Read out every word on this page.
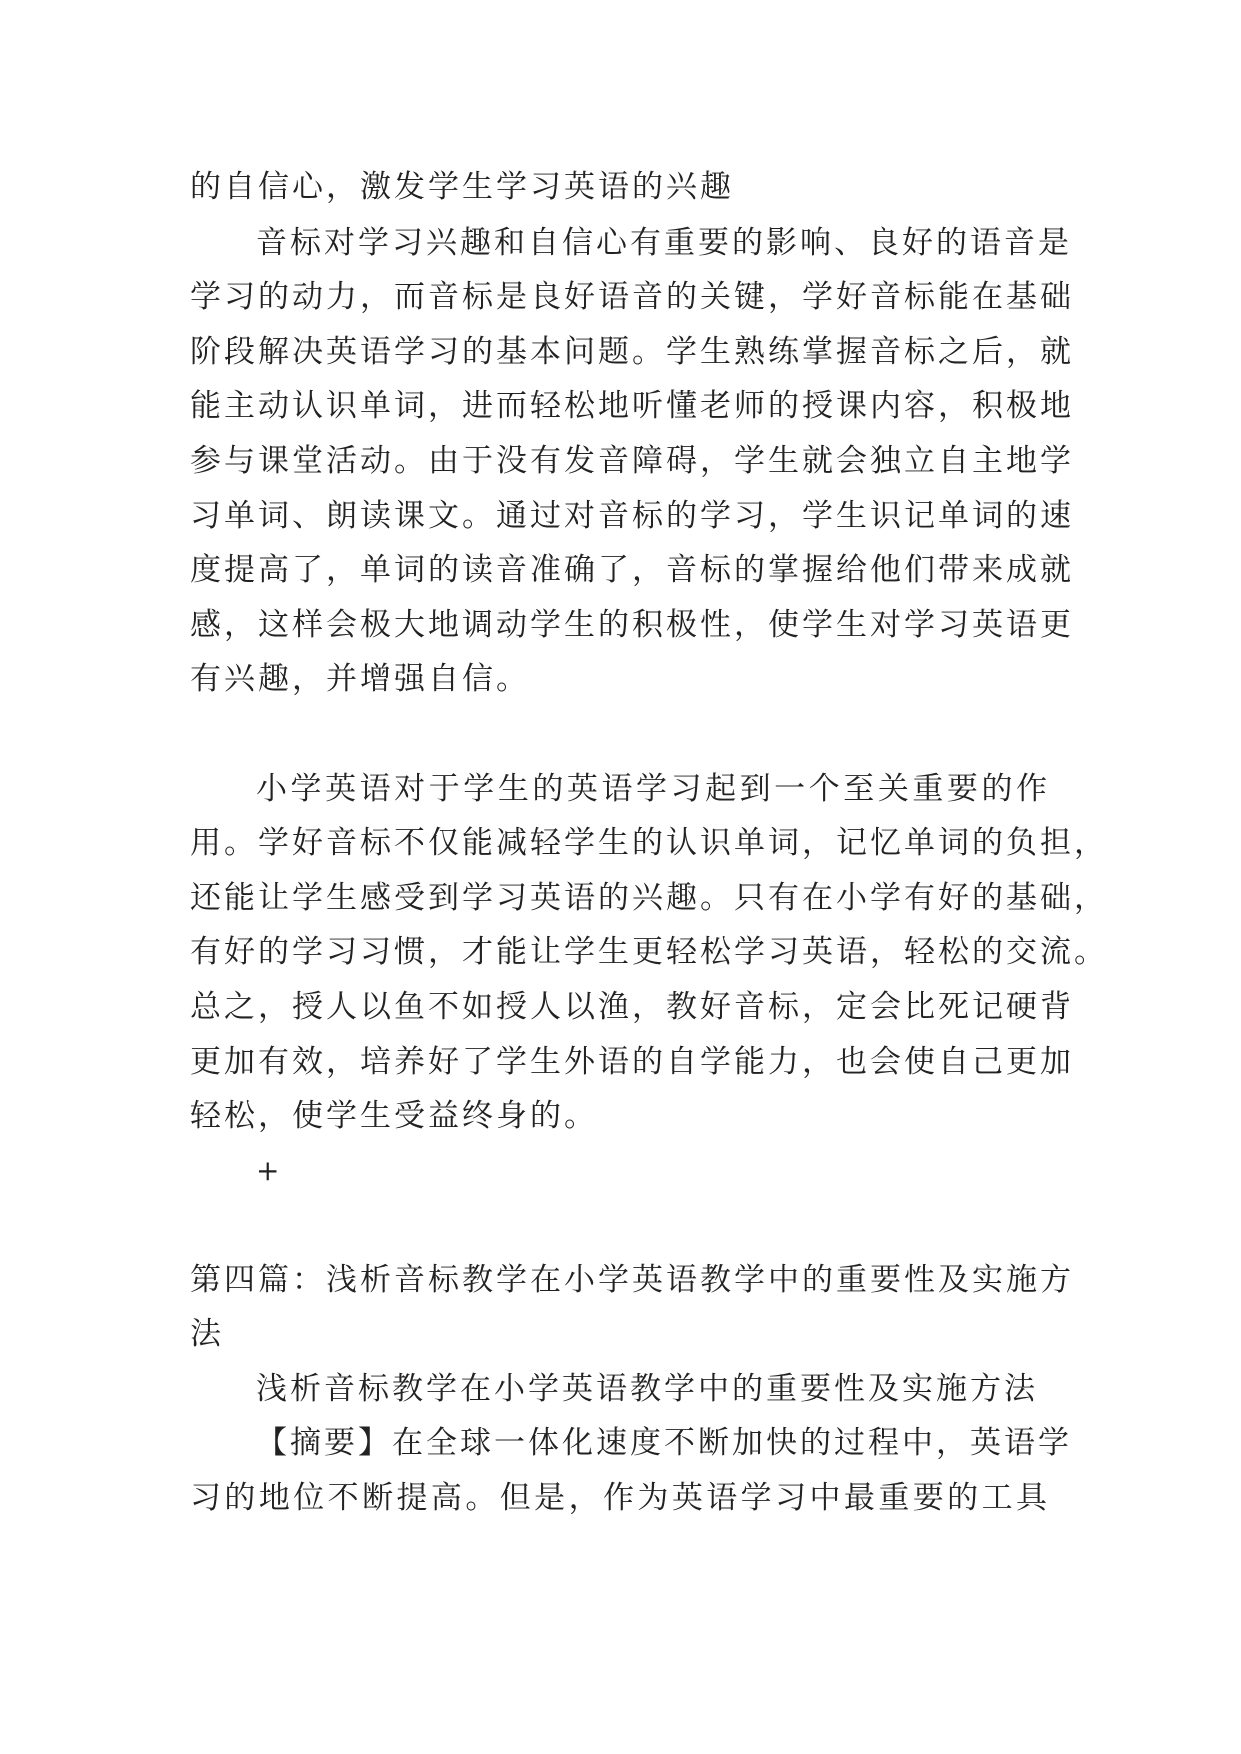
的自信心，激发学生学习英语的兴趣
音标对学习兴趣和自信心有重要的影响、良好的语音是
学习的动力，而音标是良好语音的关键，学好音标能在基础
阶段解决英语学习的基本问题。学生熟练掌握音标之后，就
能主动认识单词，进而轻松地听懂老师的授课内容，积极地
参与课堂活动。由于没有发音障碍，学生就会独立自主地学
习单词、朗读课文。通过对音标的学习，学生识记单词的速
度提高了，单词的读音准确了，音标的掌握给他们带来成就
感，这样会极大地调动学生的积极性，使学生对学习英语更
有兴趣，并增强自信。
小学英语对于学生的英语学习起到一个至关重要的作
用。学好音标不仅能减轻学生的认识单词，记忆单词的负担，
还能让学生感受到学习英语的兴趣。只有在小学有好的基础，
有好的学习习惯，才能让学生更轻松学习英语，轻松的交流。
总之，授人以鱼不如授人以渔，教好音标，定会比死记硬背
更加有效，培养好了学生外语的自学能力，也会使自己更加
轻松，使学生受益终身的。
+
第四篇：浅析音标教学在小学英语教学中的重要性及实施方
法
浅析音标教学在小学英语教学中的重要性及实施方法
【摘要】在全球一体化速度不断加快的过程中，英语学
习的地位不断提高。但是，作为英语学习中最重要的工具
